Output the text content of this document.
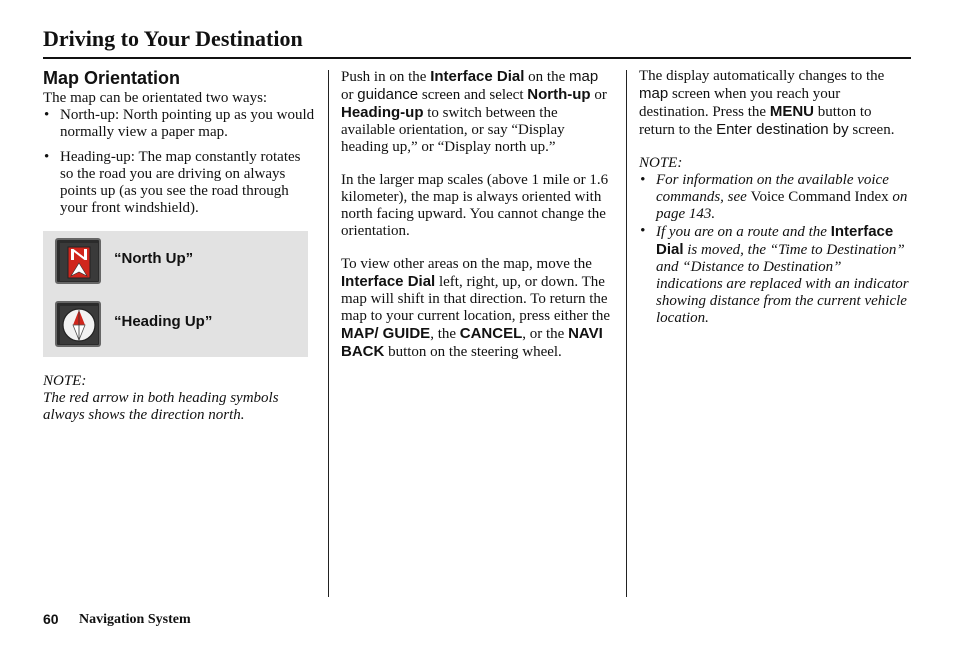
Driving to Your Destination
Map Orientation

The map can be orientated two ways:

• North-up: North pointing up as you would normally view a paper map.
• Heading-up: The map constantly rotates so the road you are driving on always points up (as you see the road through your front windshield).
“North Up”
“Heading Up”

NOTE:

The red arrow in both heading symbols always shows the direction north.

Push in on the Interface Dial on the map or guidance screen and select North-up or Heading-up to switch between the available orientation, or say “Display heading up,” or “Display north up.”

In the larger map scales (above 1 mile or 1.6 kilometer), the map is always oriented with north facing upward. You cannot change the orientation.

To view other areas on the map, move the Interface Dial left, right, up, or down. The map will shift in that direction. To return the map to your current location, press either the MAP/ GUIDE, the CANCEL, or the NAVI BACK button on the steering wheel.

The display automatically changes to the map screen when you reach your destination. Press the MENU button to return to the Enter destination by screen.

NOTE:

• For information on the available voice commands, see Voice Command Index on page 143.
• If you are on a route and the Interface Dial is moved, the “Time to Destination” and “Distance to Destination” indications are replaced with an indicator showing distance from the current vehicle location.
60 Navigation System
